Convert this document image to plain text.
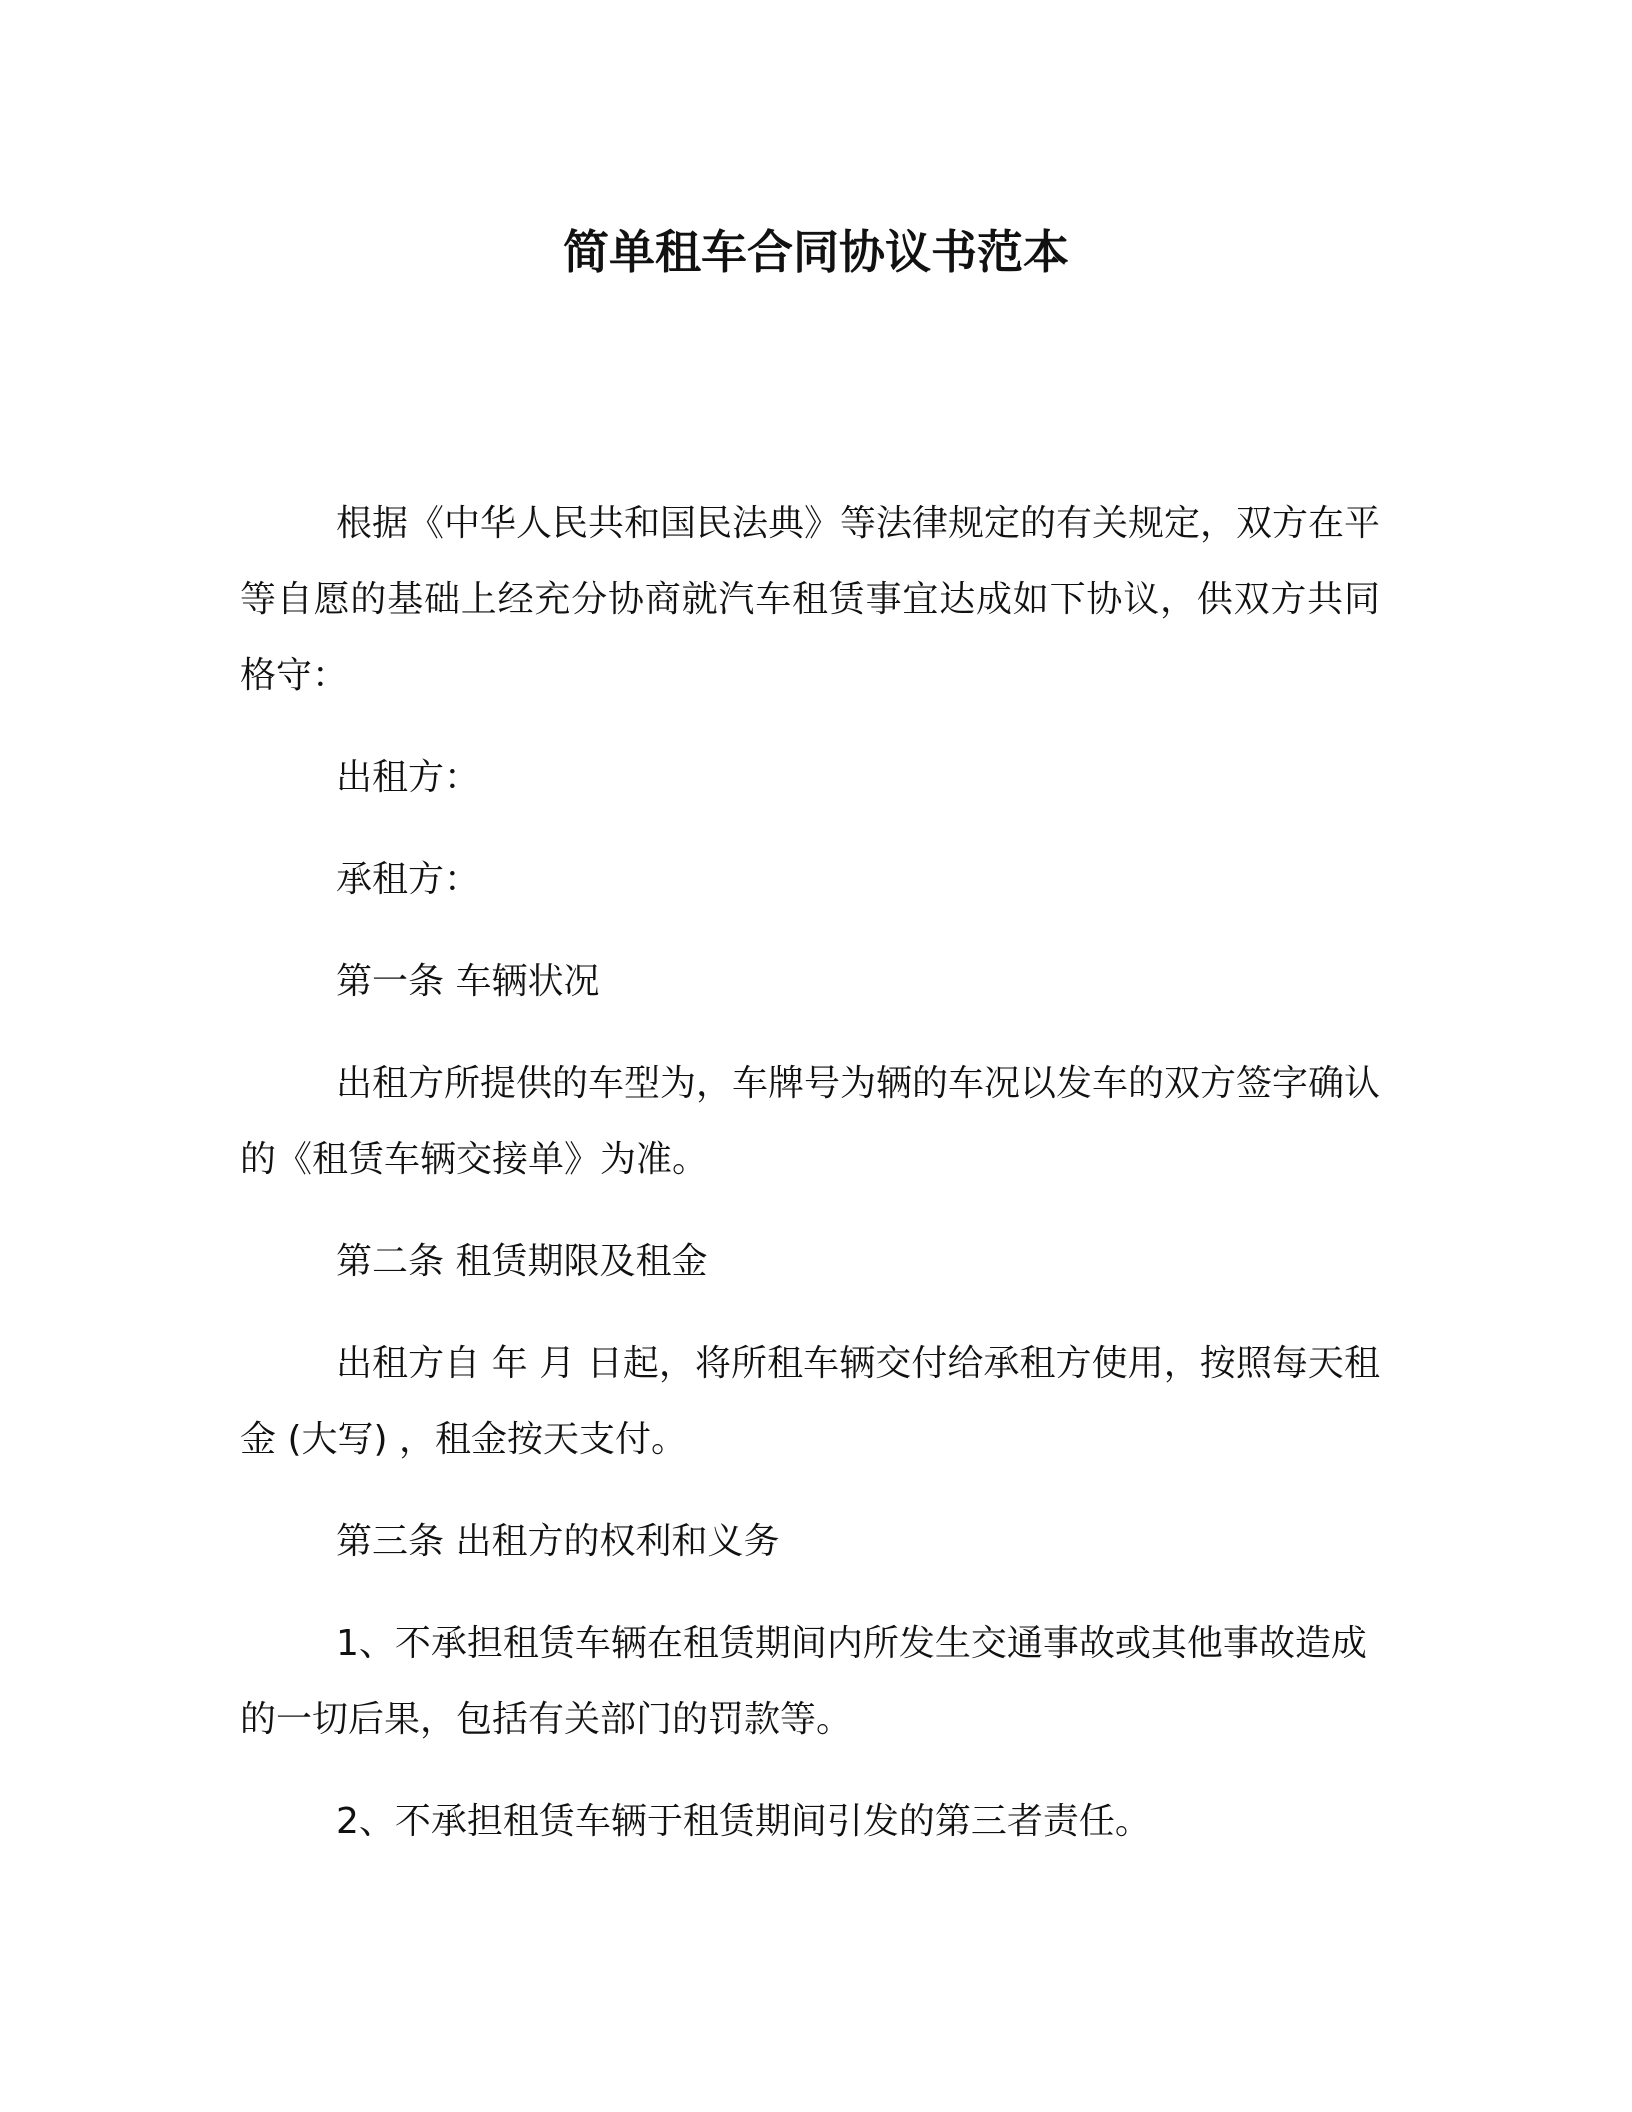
简单租车合同协议书范本

根据《中华人民共和国民法典》等法律规定的有关规定，双方在平等自愿的基础上经充分协商就汽车租赁事宜达成如下协议，供双方共同格守：

出租方：

承租方：

第一条 车辆状况

出租方所提供的车型为，车牌号为辆的车况以发车的双方签字确认的《租赁车辆交接单》为准。

第二条 租赁期限及租金

出租方自 年 月 日起，将所租车辆交付给承租方使用，按照每天租金 (大写) ，租金按天支付。

第三条 出租方的权利和义务

1、不承担租赁车辆在租赁期间内所发生交通事故或其他事故造成的一切后果，包括有关部门的罚款等。

2、不承担租赁车辆于租赁期间引发的第三者责任。
